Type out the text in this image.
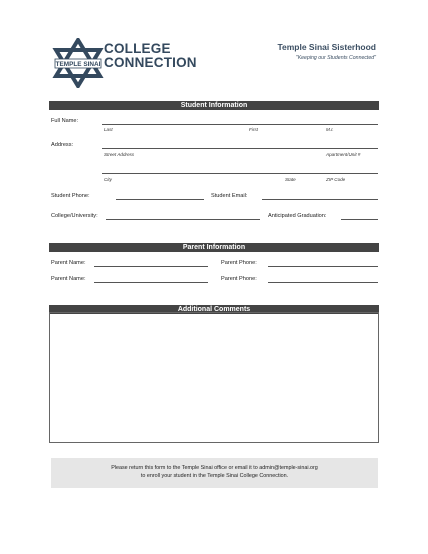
TEMPLE SINAI
COLLEGE
CONNECTION
Temple Sinai Sisterhood
"Keeping our Students Connected"
Student Information
Full Name:
Last	First	M.I.
Address:
Street Address	Apartment/Unit #
City	State	ZIP Code
Student Phone:	Student Email:
College/University:	Anticipated Graduation:
Parent Information
Parent Name:	Parent Phone:
Parent Name:	Parent Phone:
Additional Comments
Please return this form to the Temple Sinai office or email it to admin@temple-sinai.org
to enroll your student in the Temple Sinai College Connection.
